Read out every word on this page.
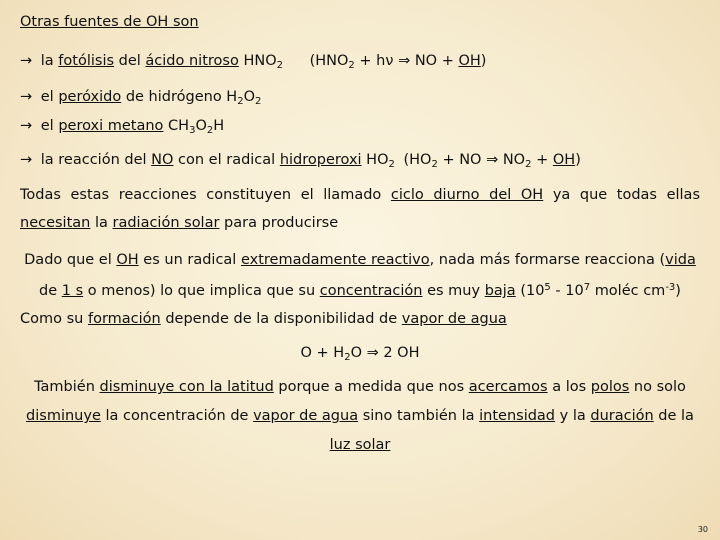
Otras fuentes de OH son
→ la fotólisis del ácido nitroso $HNO_2$ ($HNO_2 + h\nu$ ⇒ NO + OH)
→ el peróxido de hidrógeno $H_2O_2$
→ el peroxi metano $CH_3O_2H$
→ la reacción del NO con el radical hidroperoxi $HO_2$ ($HO_2$ + NO ⇒ $NO_2 + OH$)
Todas estas reacciones constituyen el llamado ciclo diurno del OH ya que todas ellas necesitan la radiación solar para producirse
Dado que el OH es un radical extremadamente reactivo, nada más formarse reacciona (vida de 1 s o menos) lo que implica que su concentración es muy baja ($10^5 - 10^7$ moléc $cm^{-3}$)
Como su formación depende de la disponibilidad de vapor de agua
$O + H_2O$ ⇒ 2 OH
También disminuye con la latitud porque a medida que nos acercamos a los polos no solo disminuye la concentración de vapor de agua sino también la intensidad y la duración de la luz solar
30
